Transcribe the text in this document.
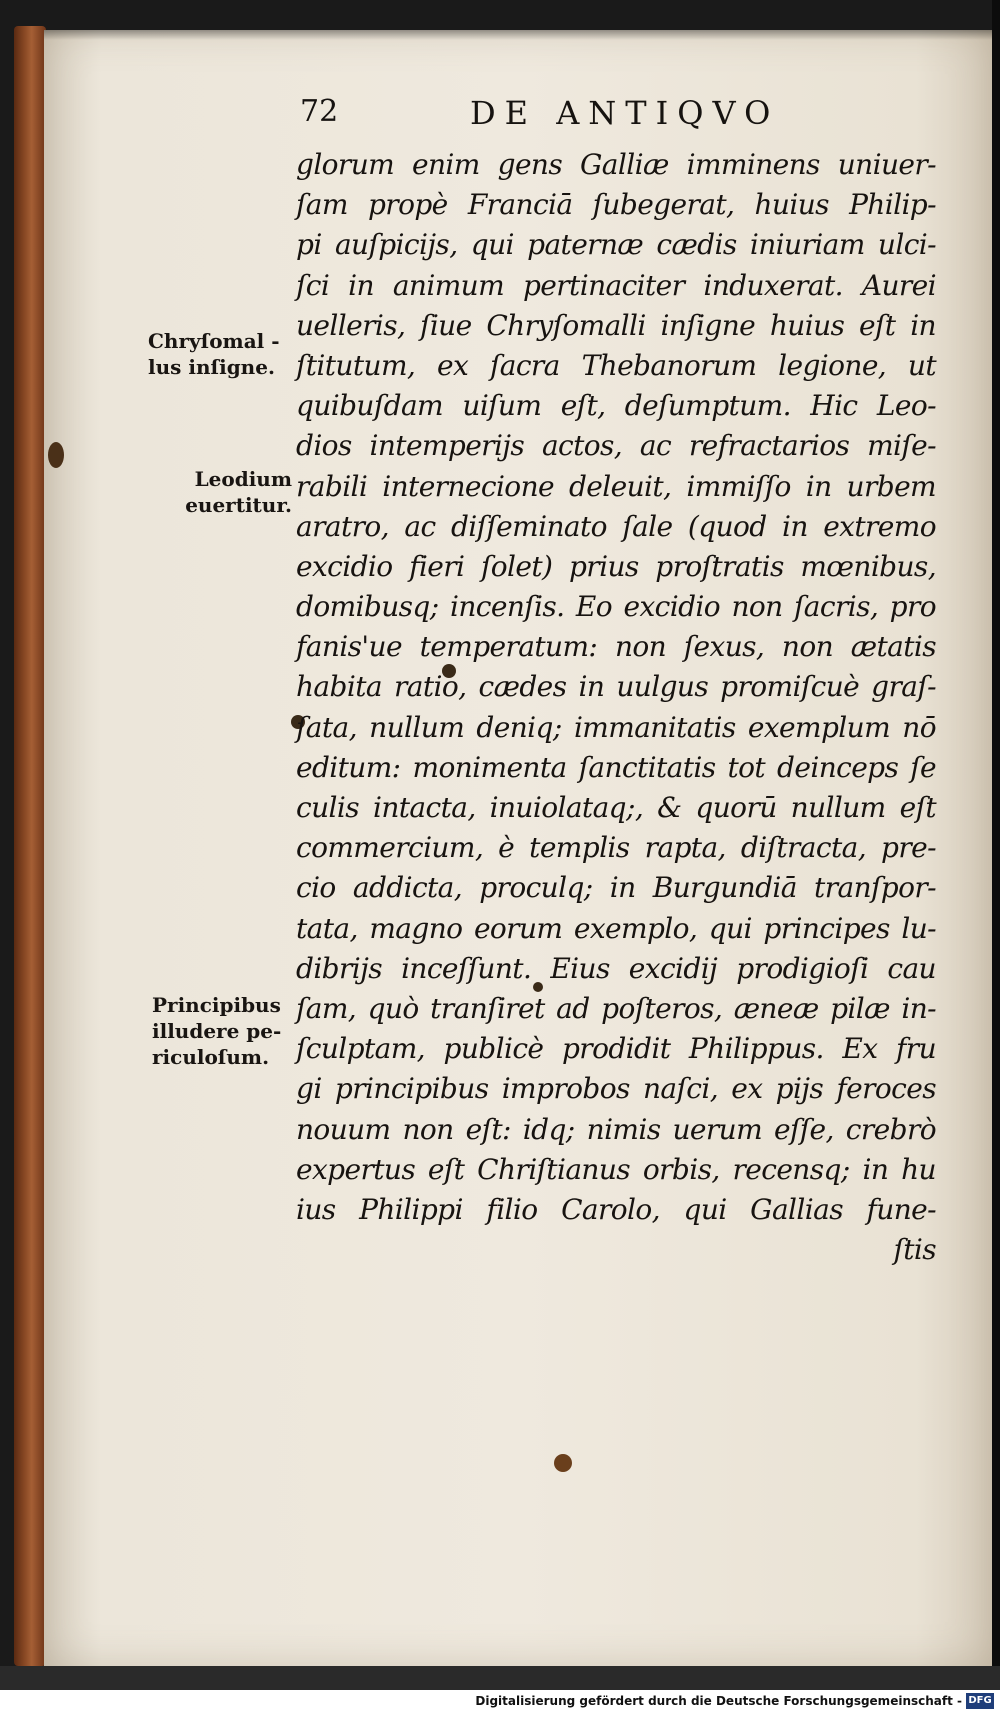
72	DE ANTIQVO
Chryſomal -
lus inſigne.
Leodium
euertitur.
Principibus
illudere pe-
riculoſum.
glorum enim gens Galliæ imminens uniuer-
ſam propè Franciā ſubegerat, huius Philip-
pi auſpicijs, qui paternæ cædis iniuriam ulci-
ſci in animum pertinaciter induxerat. Aurei
uelleris, ſiue Chryſomalli inſigne huius eſt in
ſtitutum, ex ſacra Thebanorum legione, ut
quibuſdam uiſum eſt, deſumptum. Hic Leo-
dios intemperijs actos, ac refractarios miſe-
rabili internecione deleuit, immiſſo in urbem
aratro, ac diſſeminato ſale (quod in extremo
excidio fieri ſolet) prius proſtratis mœnibus,
domibusq; incenſis. Eo excidio non ſacris, pro
fanis'ue temperatum: non ſexus, non ætatis
habita ratio, cædes in uulgus promiſcuè graſ-
ſata, nullum deniq; immanitatis exemplum nō
editum: monimenta ſanctitatis tot deinceps ſe
culis intacta, inuiolataq;, & quorū nullum eſt
commercium, è templis rapta, diſtracta, pre-
cio addicta, proculq; in Burgundiā tranſpor-
tata, magno eorum exemplo, qui principes lu-
dibrijs inceſſunt. Eius excidij prodigioſi cau
ſam, quò tranſiret ad poſteros, æneæ pilæ in-
ſculptam, publicè prodidit Philippus. Ex fru
gi principibus improbos naſci, ex pijs feroces
nouum non eſt: idq; nimis uerum eſſe, crebrò
expertus eſt Chriſtianus orbis, recensq; in hu
ius Philippi filio Carolo, qui Gallias fune-
ſtis
Digitalisierung gefördert durch die Deutsche Forschungsgemeinschaft - DFG
